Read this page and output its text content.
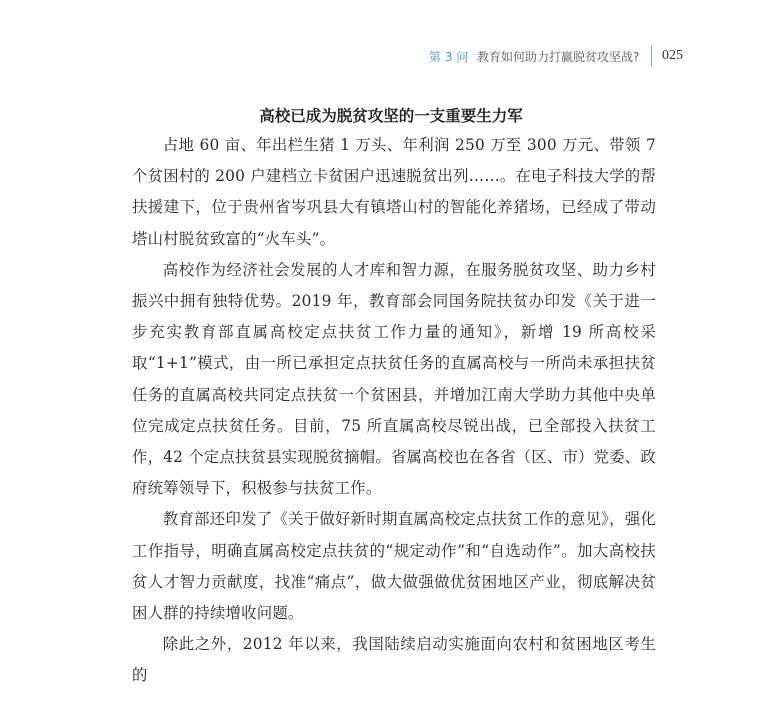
第 3 问 教育如何助力打赢脱贫攻坚战? 025
高校已成为脱贫攻坚的一支重要生力军

占地 60 亩、年出栏生猪 1 万头、年利润 250 万至 300 万元、带领 7 个贫困村的 200 户建档立卡贫困户迅速脱贫出列……。在电子科技大学的帮扶援建下，位于贵州省岑巩县大有镇塔山村的智能化养猪场，已经成了带动塔山村脱贫致富的“火车头”。

高校作为经济社会发展的人才库和智力源，在服务脱贫攻坚、助力乡村振兴中拥有独特优势。2019 年，教育部会同国务院扶贫办印发《关于进一步充实教育部直属高校定点扶贫工作力量的通知》，新增 19 所高校采取“1+1”模式，由一所已承担定点扶贫任务的直属高校与一所尚未承担扶贫任务的直属高校共同定点扶贫一个贫困县，并增加江南大学助力其他中央单位完成定点扶贫任务。目前，75 所直属高校尽锐出战，已全部投入扶贫工作，42 个定点扶贫县实现脱贫摘帽。省属高校也在各省（区、市）党委、政府统筹领导下，积极参与扶贫工作。

教育部还印发了《关于做好新时期直属高校定点扶贫工作的意见》，强化工作指导，明确直属高校定点扶贫的“规定动作”和“自选动作”。加大高校扶贫人才智力贡献度，找准“痛点”，做大做强做优贫困地区产业，彻底解决贫困人群的持续增收问题。

除此之外，2012 年以来，我国陆续启动实施面向农村和贫困地区考生的
